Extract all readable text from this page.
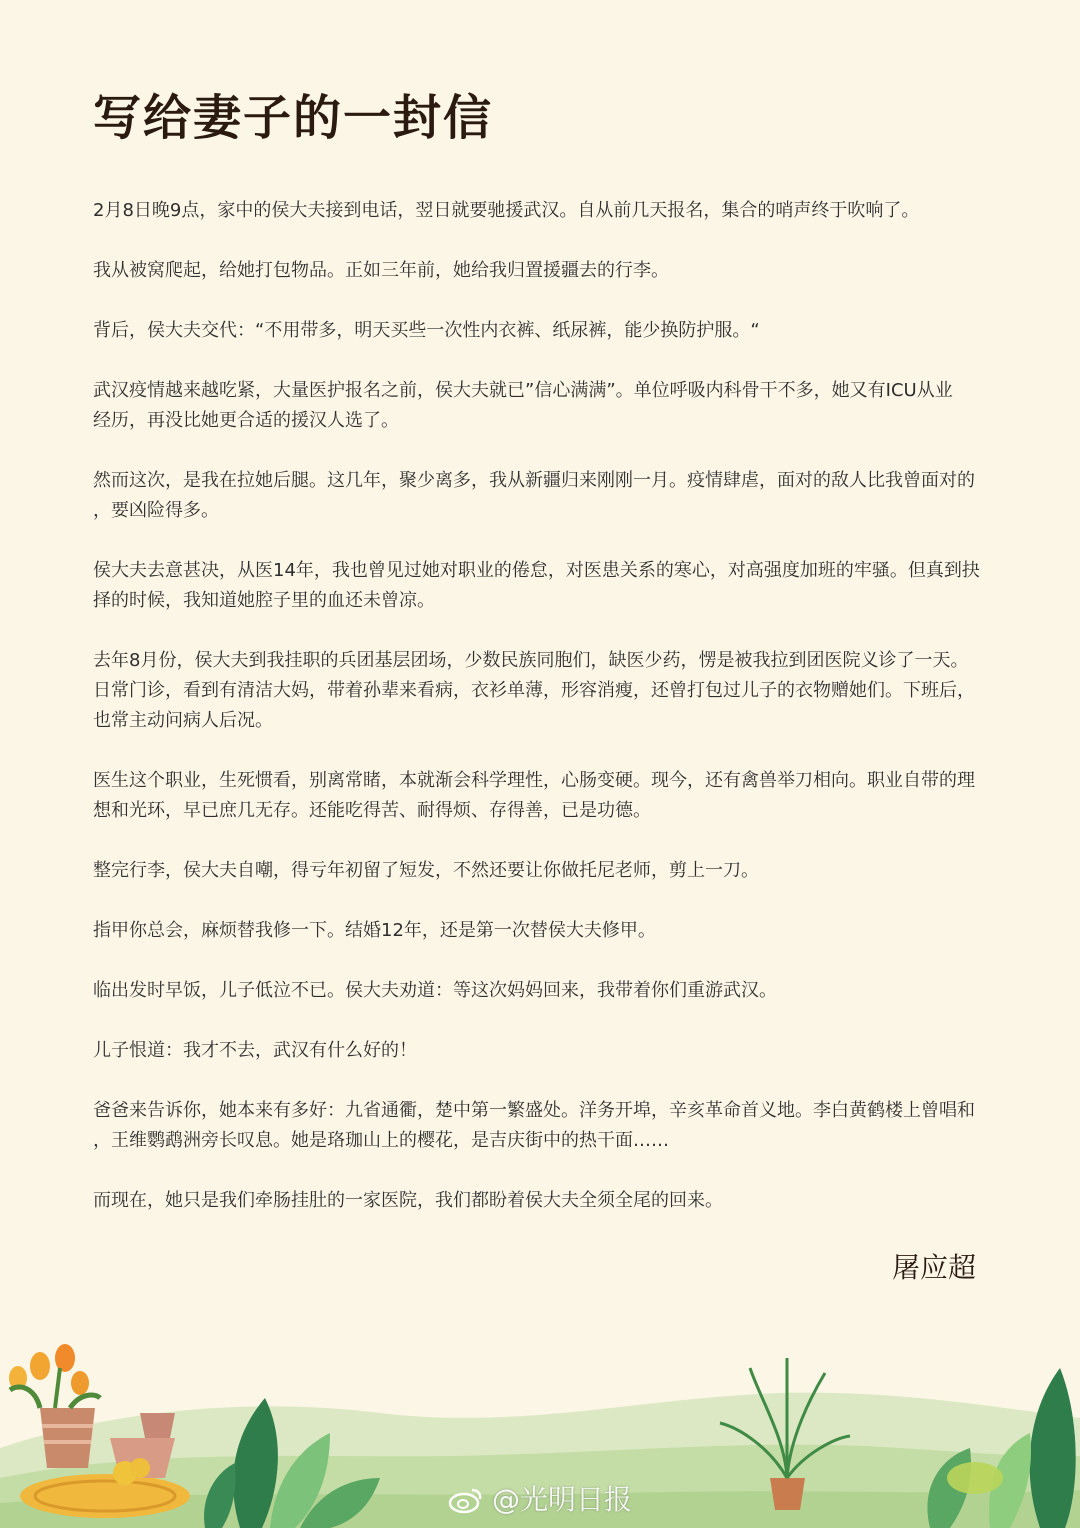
写给妻子的一封信

2月8日晚9点，家中的侯大夫接到电话，翌日就要驰援武汉。自从前几天报名，集合的哨声终于吹响了。

我从被窝爬起，给她打包物品。正如三年前，她给我归置援疆去的行李。

背后，侯大夫交代：“不用带多，明天买些一次性内衣裤、纸尿裤，能少换防护服。“

武汉疫情越来越吃紧，大量医护报名之前，侯大夫就已”信心满满”。单位呼吸内科骨干不多，她又有ICU从业
经历，再没比她更合适的援汉人选了。

然而这次，是我在拉她后腿。这几年，聚少离多，我从新疆归来刚刚一月。疫情肆虐，面对的敌人比我曾面对的
，要凶险得多。

侯大夫去意甚决，从医14年，我也曾见过她对职业的倦怠，对医患关系的寒心，对高强度加班的牢骚。但真到抉
择的时候，我知道她腔子里的血还未曾凉。

去年8月份，侯大夫到我挂职的兵团基层团场，少数民族同胞们，缺医少药，愣是被我拉到团医院义诊了一天。
日常门诊，看到有清洁大妈，带着孙辈来看病，衣衫单薄，形容消瘦，还曾打包过儿子的衣物赠她们。下班后，
也常主动问病人后况。

医生这个职业，生死惯看，别离常睹，本就渐会科学理性，心肠变硬。现今，还有禽兽举刀相向。职业自带的理
想和光环，早已庶几无存。还能吃得苦、耐得烦、存得善，已是功德。

整完行李，侯大夫自嘲，得亏年初留了短发，不然还要让你做托尼老师，剪上一刀。

指甲你总会，麻烦替我修一下。结婚12年，还是第一次替侯大夫修甲。

临出发时早饭，儿子低泣不已。侯大夫劝道：等这次妈妈回来，我带着你们重游武汉。

儿子恨道：我才不去，武汉有什么好的！

爸爸来告诉你，她本来有多好：九省通衢，楚中第一繁盛处。洋务开埠，辛亥革命首义地。李白黄鹤楼上曾唱和
，王维鹦鹉洲旁长叹息。她是珞珈山上的樱花，是吉庆街中的热干面……

而现在，她只是我们牵肠挂肚的一家医院，我们都盼着侯大夫全须全尾的回来。

屠应超
@光明日报
